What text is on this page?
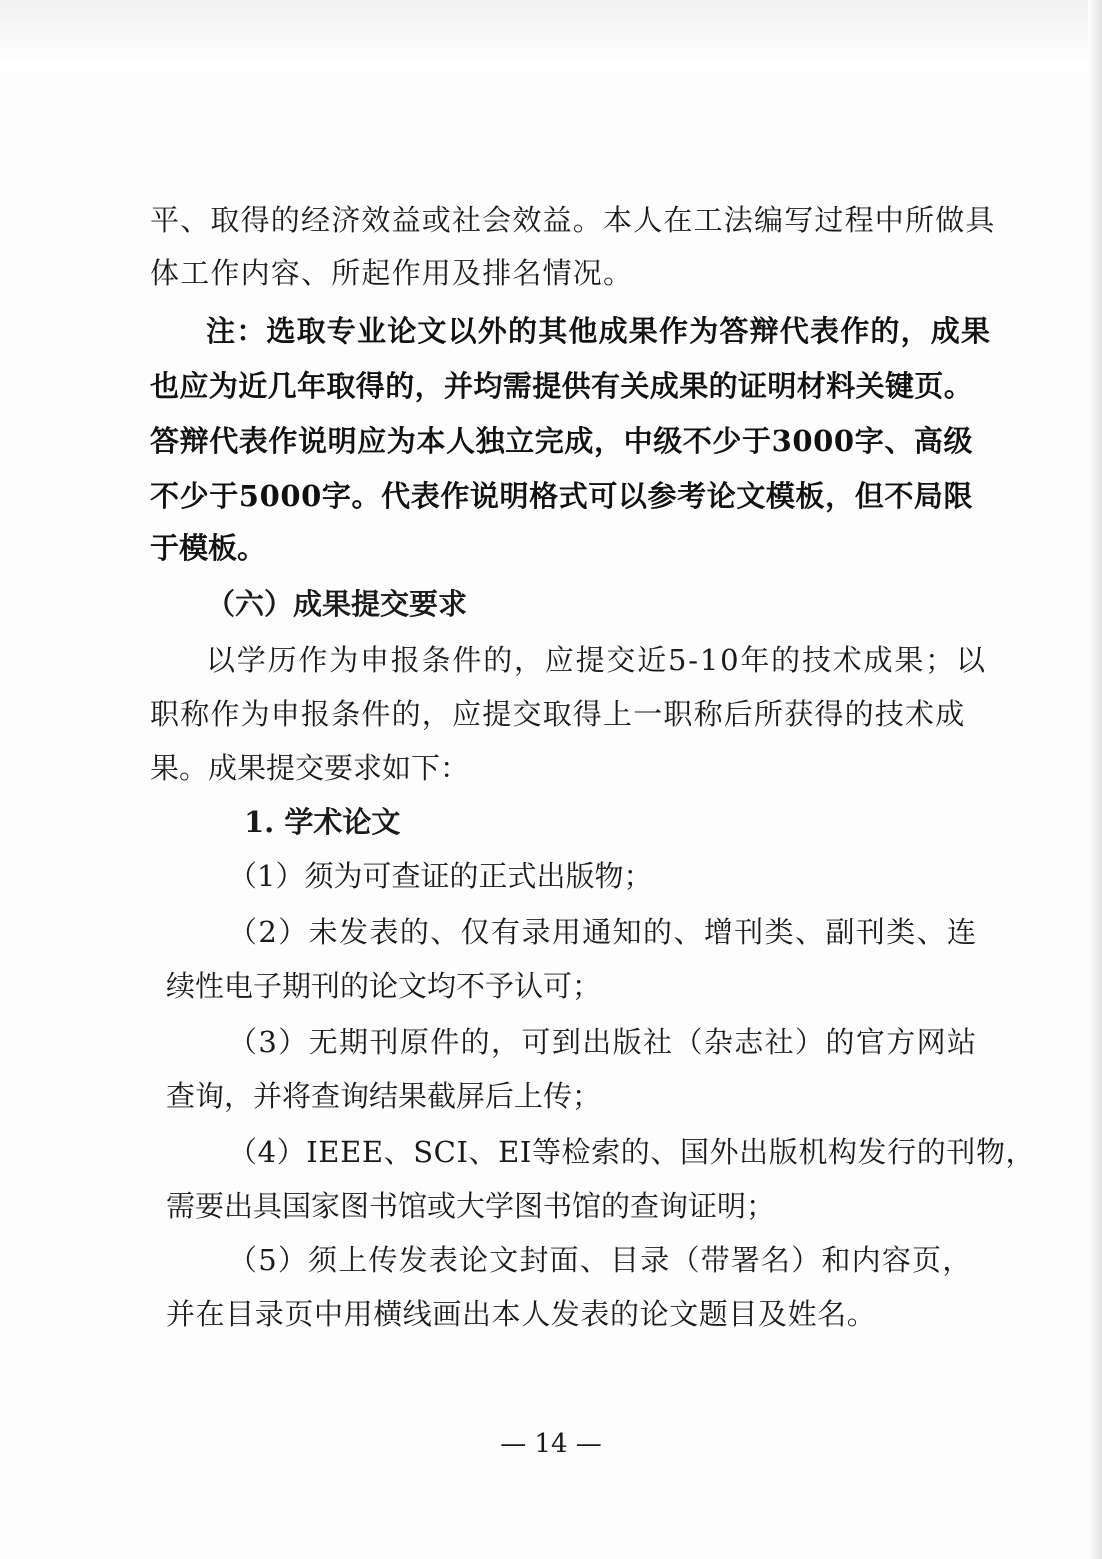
平、取得的经济效益或社会效益。本人在工法编写过程中所做具

体工作内容、所起作用及排名情况。

注：选取专业论文以外的其他成果作为答辩代表作的，成果

也应为近几年取得的，并均需提供有关成果的证明材料关键页。

答辩代表作说明应为本人独立完成，中级不少于3000字、高级

不少于5000字。代表作说明格式可以参考论文模板，但不局限

于模板。

（六）成果提交要求

以学历作为申报条件的，应提交近5-10年的技术成果；以

职称作为申报条件的，应提交取得上一职称后所获得的技术成

果。成果提交要求如下：

1. 学术论文

（1）须为可查证的正式出版物；

（2）未发表的、仅有录用通知的、增刊类、副刊类、连

续性电子期刊的论文均不予认可；

（3）无期刊原件的，可到出版社（杂志社）的官方网站

查询，并将查询结果截屏后上传；

（4）IEEE、SCI、EI等检索的、国外出版机构发行的刊物，

需要出具国家图书馆或大学图书馆的查询证明；

（5）须上传发表论文封面、目录（带署名）和内容页，

并在目录页中用横线画出本人发表的论文题目及姓名。

— 14 —
